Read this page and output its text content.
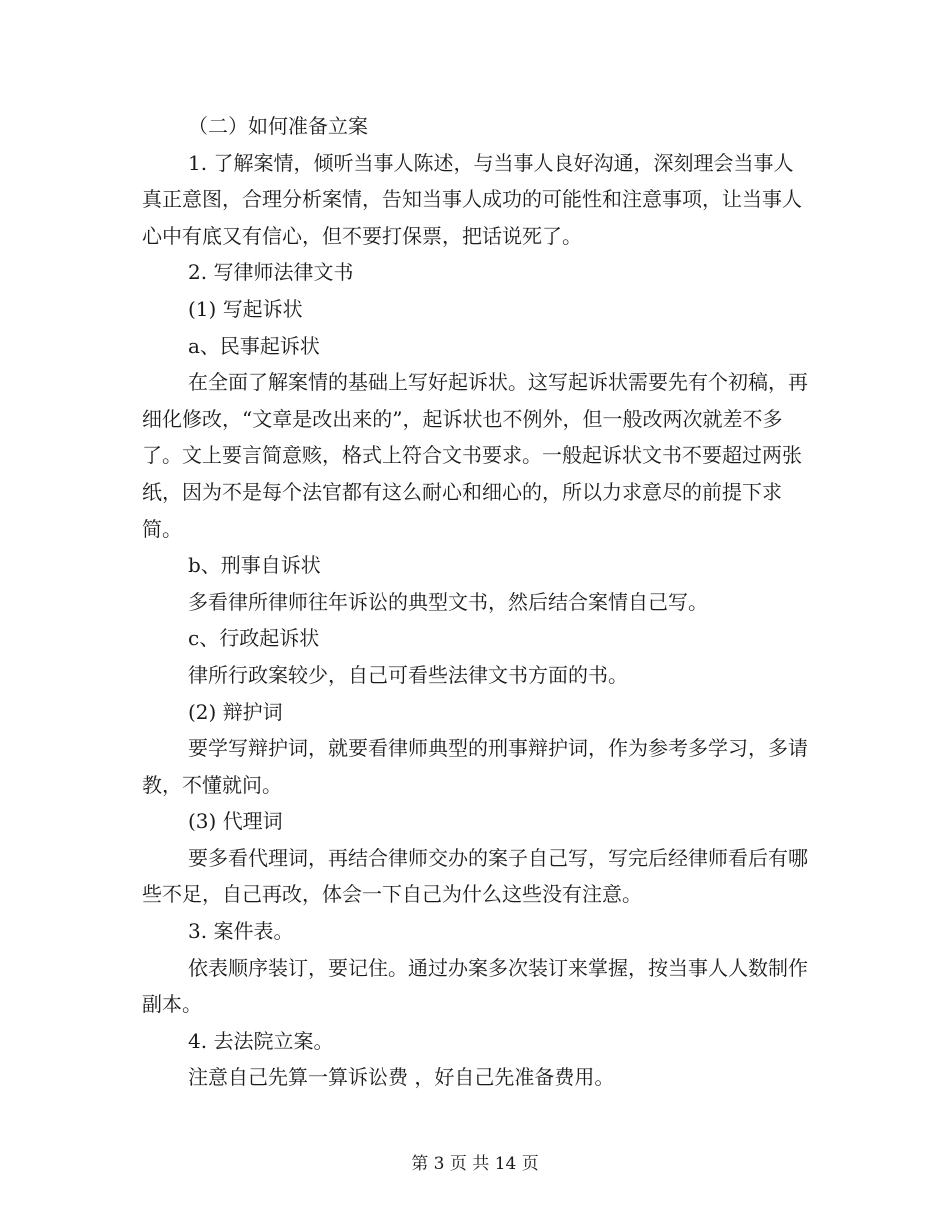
（二）如何准备立案

1. 了解案情，倾听当事人陈述，与当事人良好沟通，深刻理会当事人真正意图，合理分析案情，告知当事人成功的可能性和注意事项，让当事人心中有底又有信心，但不要打保票，把话说死了。

2. 写律师法律文书

(1) 写起诉状

a、民事起诉状

在全面了解案情的基础上写好起诉状。这写起诉状需要先有个初稿，再细化修改，“文章是改出来的”，起诉状也不例外，但一般改两次就差不多了。文上要言简意赅，格式上符合文书要求。一般起诉状文书不要超过两张纸，因为不是每个法官都有这么耐心和细心的，所以力求意尽的前提下求简。

b、刑事自诉状

多看律所律师往年诉讼的典型文书，然后结合案情自己写。

c、行政起诉状

律所行政案较少，自己可看些法律文书方面的书。

(2) 辩护词

要学写辩护词，就要看律师典型的刑事辩护词，作为参考多学习，多请教，不懂就问。

(3) 代理词

要多看代理词，再结合律师交办的案子自己写，写完后经律师看后有哪些不足，自己再改，体会一下自己为什么这些没有注意。

3. 案件表。

依表顺序装订，要记住。通过办案多次装订来掌握，按当事人人数制作副本。

4. 去法院立案。

注意自己先算一算诉讼费 ，好自己先准备费用。

第 3 页 共 14 页
